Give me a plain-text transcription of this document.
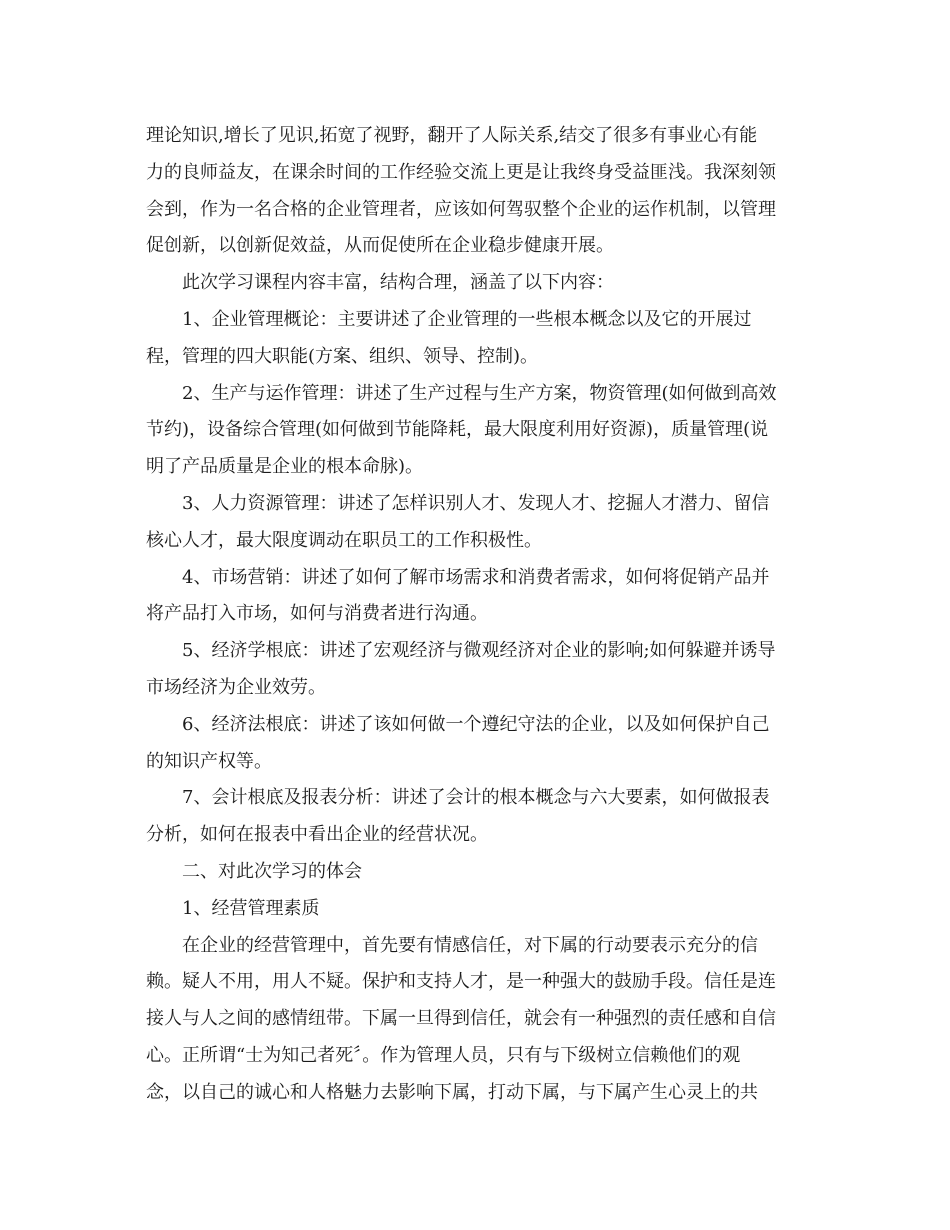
理论知识,增长了见识,拓宽了视野，翻开了人际关系,结交了很多有事业心有能
力的良师益友，在课余时间的工作经验交流上更是让我终身受益匪浅。我深刻领
会到，作为一名合格的企业管理者，应该如何驾驭整个企业的运作机制，以管理
促创新，以创新促效益，从而促使所在企业稳步健康开展。
此次学习课程内容丰富，结构合理，涵盖了以下内容：
1、企业管理概论：主要讲述了企业管理的一些根本概念以及它的开展过
程，管理的四大职能(方案、组织、领导、控制)。
2、生产与运作管理：讲述了生产过程与生产方案，物资管理(如何做到高效
节约)，设备综合管理(如何做到节能降耗，最大限度利用好资源)，质量管理(说
明了产品质量是企业的根本命脉)。
3、人力资源管理：讲述了怎样识别人才、发现人才、挖掘人才潜力、留信
核心人才，最大限度调动在职员工的工作积极性。
4、市场营销：讲述了如何了解市场需求和消费者需求，如何将促销产品并
将产品打入市场，如何与消费者进行沟通。
5、经济学根底：讲述了宏观经济与微观经济对企业的影响;如何躲避并诱导
市场经济为企业效劳。
6、经济法根底：讲述了该如何做一个遵纪守法的企业，以及如何保护自己
的知识产权等。
7、会计根底及报表分析：讲述了会计的根本概念与六大要素，如何做报表
分析，如何在报表中看出企业的经营状况。
二、对此次学习的体会
1、经营管理素质
在企业的经营管理中，首先要有情感信任，对下属的行动要表示充分的信
赖。疑人不用，用人不疑。保护和支持人才，是一种强大的鼓励手段。信任是连
接人与人之间的感情纽带。下属一旦得到信任，就会有一种强烈的责任感和自信
心。正所谓“士为知己者死〞。作为管理人员，只有与下级树立信赖他们的观
念，以自己的诚心和人格魅力去影响下属，打动下属，与下属产生心灵上的共
